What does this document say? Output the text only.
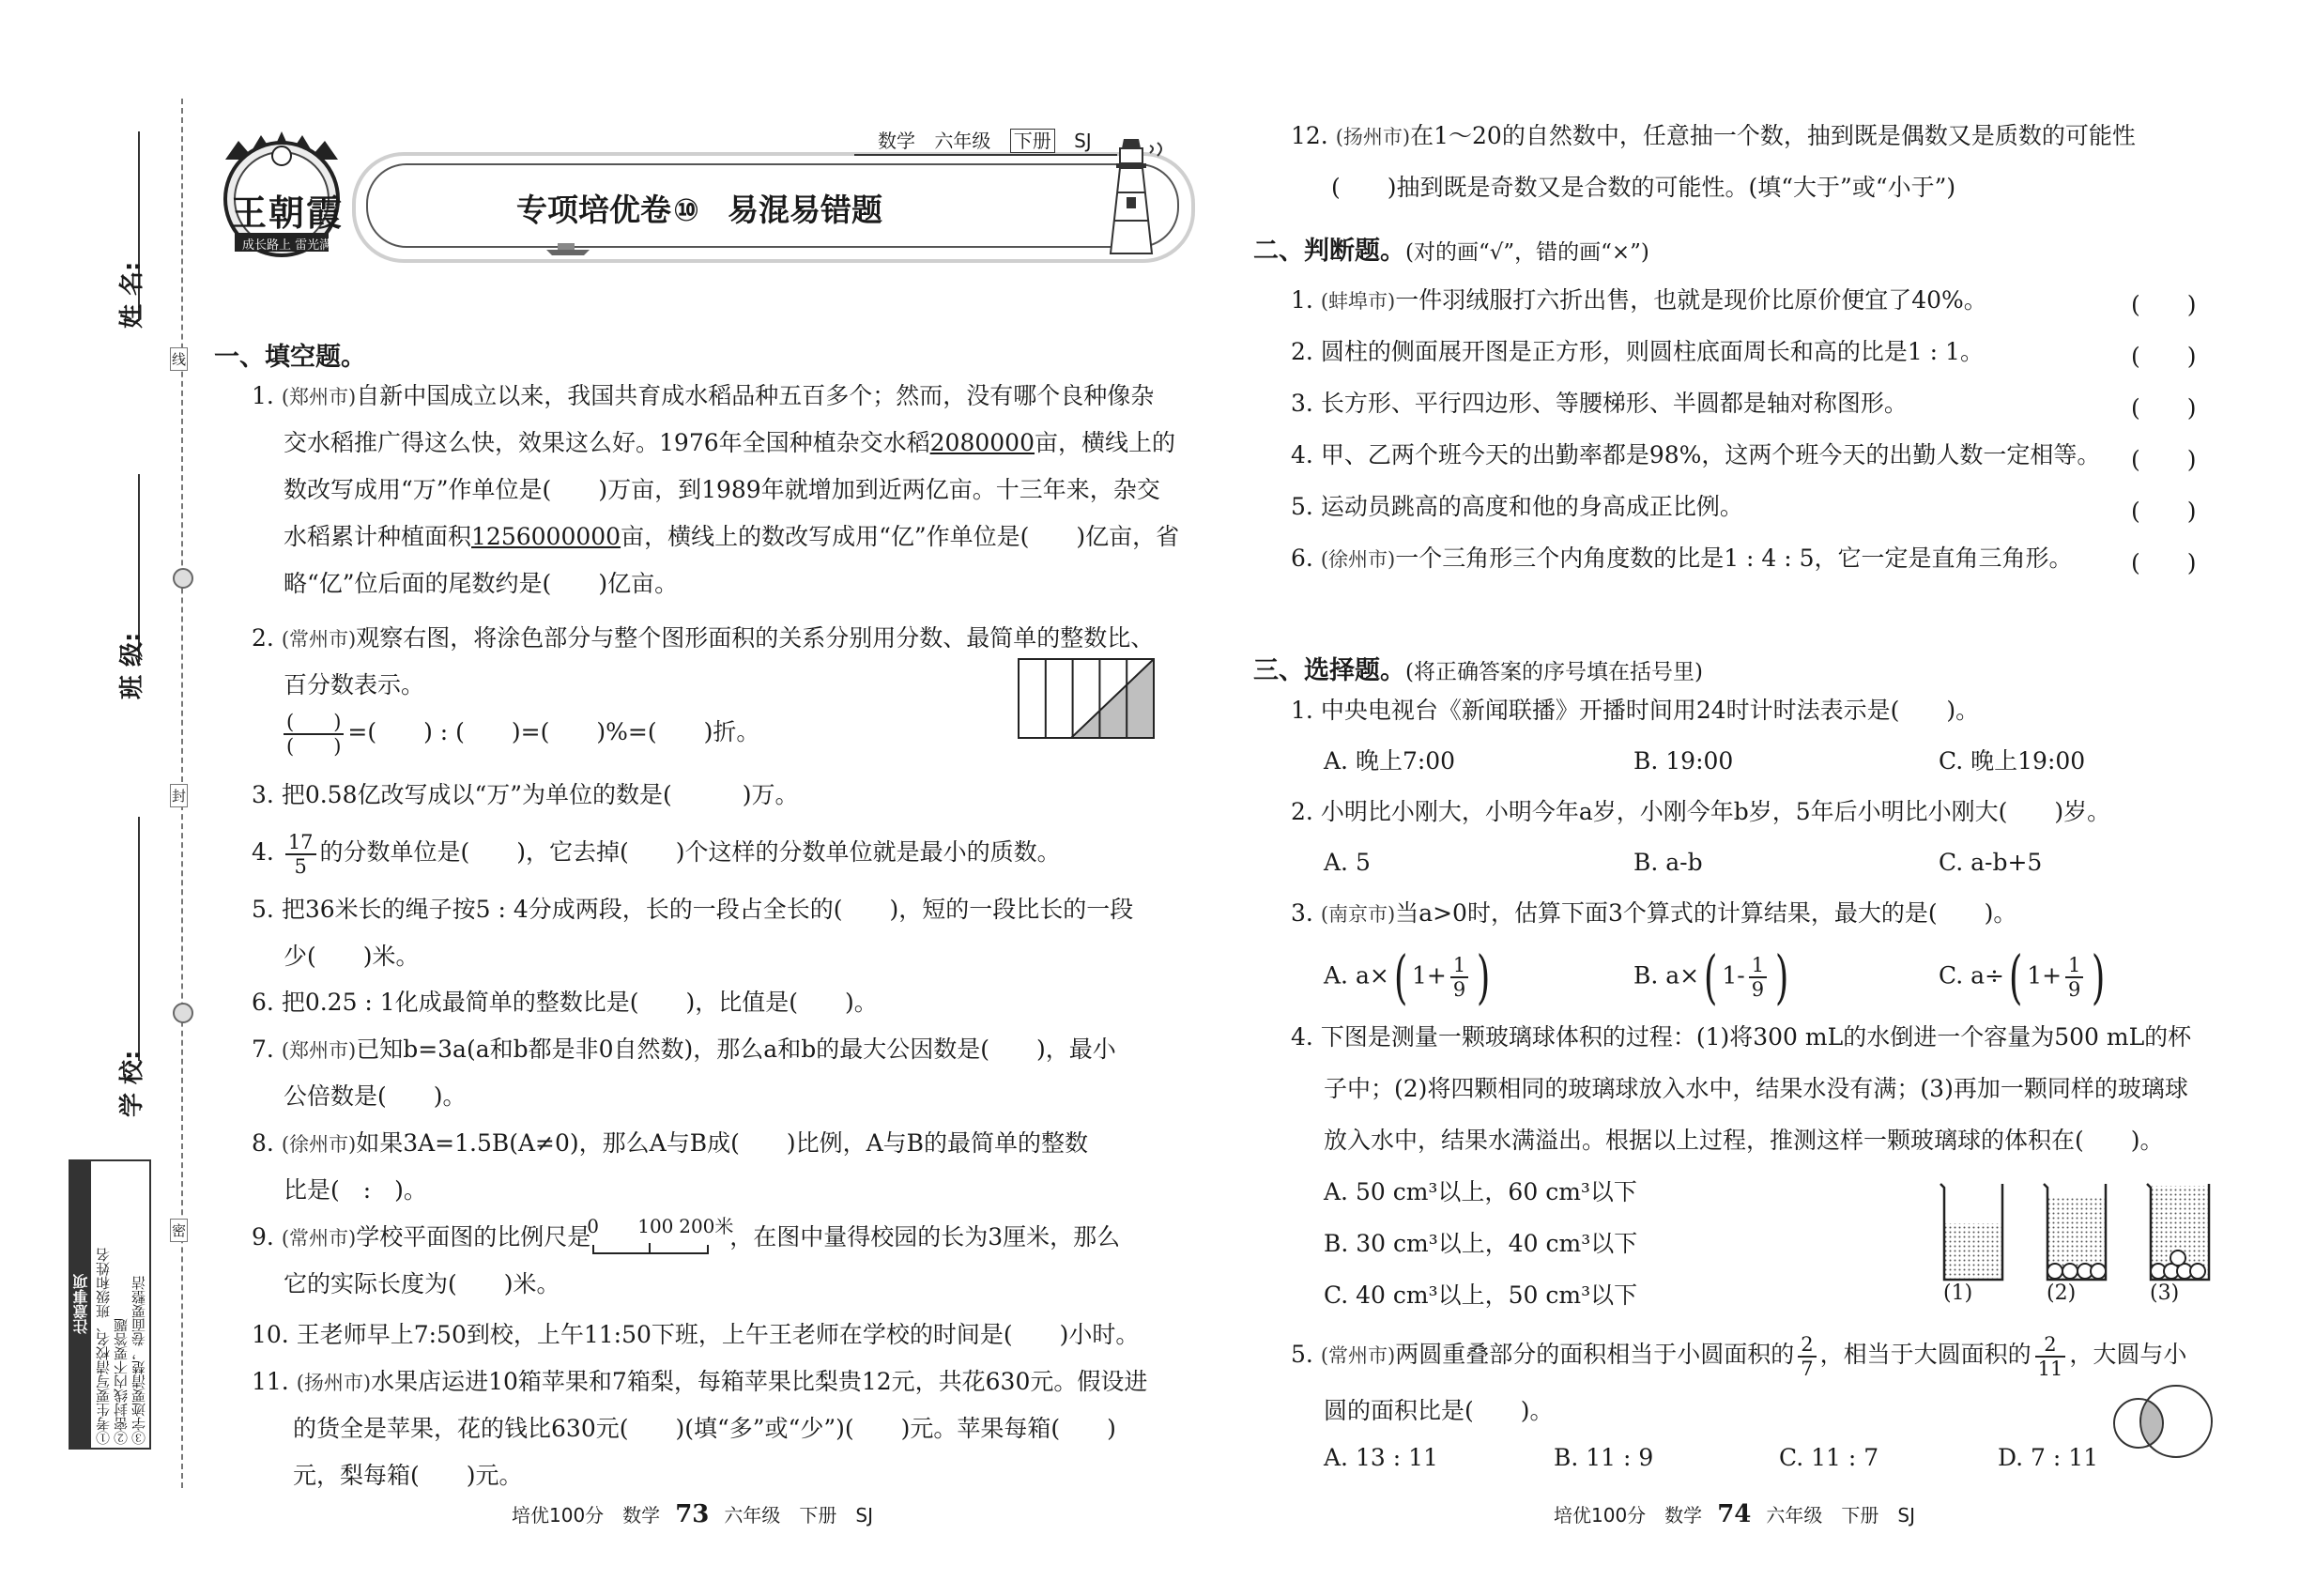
线
封
密
姓 名:
班 级:
学 校:
注意事项 ①考生要写清校名、班级和姓名 ②密封线内不要答题 ③字迹要清楚，卷面要整洁
王朝霞
成长路上 雷光满天
数学 六年级 下册 SJ
专项培优卷⑩ 易混易错题
一、填空题。
1. (郑州市)自新中国成立以来，我国共育成水稻品种五百多个；然而，没有哪个良种像杂
交水稻推广得这么快，效果这么好。1976年全国种植杂交水稻2080000亩，横线上的
数改写成用“万”作单位是(　　)万亩，到1989年就增加到近两亿亩。十三年来，杂交
水稻累计种植面积1256000000亩，横线上的数改写成用“亿”作单位是(　　)亿亩，省
略“亿”位后面的尾数约是(　　)亿亩。
2. (常州市)观察右图，将涂色部分与整个图形面积的关系分别用分数、最简单的整数比、
百分数表示。
$\frac{( )}{( )}$ =(　　) : (　　)=(　　)%=(　　)折。
3. 把0.58亿改写成以“万”为单位的数是(　　　)万。
4. $\frac{17}{5}$ 的分数单位是(　　)，它去掉(　　)个这样的分数单位就是最小的质数。
5. 把36米长的绳子按5 : 4分成两段，长的一段占全长的(　　)，短的一段比长的一段
少(　　)米。
6. 把0.25 : 1化成最简单的整数比是(　　)，比值是(　　)。
7. (郑州市)已知b=3a(a和b都是非0自然数)，那么a和b的最大公因数是(　　)，最小
公倍数是(　　)。
8. (徐州市)如果3A=1.5B(A≠0)，那么A与B成(　　)比例，A与B的最简单的整数
比是(　:　)。
9. (常州市)学校平面图的比例尺是
0 100 200米
，在图中量得校园的长为3厘米，那么
它的实际长度为(　　)米。
10. 王老师早上7:50到校，上午11:50下班，上午王老师在学校的时间是(　　)小时。
11. (扬州市)水果店运进10箱苹果和7箱梨，每箱苹果比梨贵12元，共花630元。假设进
的货全是苹果，花的钱比630元(　　)(填“多”或“少”)(　　)元。苹果每箱(　　)
元，梨每箱(　　)元。
培优100分　数学 73 六年级　下册　SJ
12. (扬州市)在1～20的自然数中，任意抽一个数，抽到既是偶数又是质数的可能性
(　　)抽到既是奇数又是合数的可能性。(填“大于”或“小于”)
二、判断题。(对的画“√”，错的画“×”)
1. (蚌埠市)一件羽绒服打六折出售，也就是现价比原价便宜了40%。	(　　)
2. 圆柱的侧面展开图是正方形，则圆柱底面周长和高的比是1 : 1。	(　　)
3. 长方形、平行四边形、等腰梯形、半圆都是轴对称图形。	(　　)
4. 甲、乙两个班今天的出勤率都是98%，这两个班今天的出勤人数一定相等。 (　　)
5. 运动员跳高的高度和他的身高成正比例。	(　　)
6. (徐州市)一个三角形三个内角度数的比是1 : 4 : 5，它一定是直角三角形。 (　　)
三、选择题。(将正确答案的序号填在括号里)
1. 中央电视台《新闻联播》开播时间用24时计时法表示是(　　)。
A. 晚上7:00	B. 19:00	C. 晚上19:00
2. 小明比小刚大，小明今年a岁，小刚今年b岁，5年后小明比小刚大(　　)岁。
A. 5	B. a-b	C. a-b+5
3. (南京市)当a>0时，估算下面3个算式的计算结果，最大的是(　　)。
A. a×( $1+ \frac{1}{9}$ )	B. a×( $1- \frac{1}{9}$ )	C. a÷( $1+ \frac{1}{9}$ )
4. 下图是测量一颗玻璃球体积的过程：(1)将300 mL的水倒进一个容量为500 mL的杯
子中；(2)将四颗相同的玻璃球放入水中，结果水没有满；(3)再加一颗同样的玻璃球
放入水中，结果水满溢出。根据以上过程，推测这样一颗玻璃球的体积在(　　)。
A. 50 cm³以上，60 cm³以下
B. 30 cm³以上，40 cm³以下
C. 40 cm³以上，50 cm³以下	(1)	(2)	(3)
5. (常州市)两圆重叠部分的面积相当于小圆面积的 $\frac{2}{7}$ ，相当于大圆面积的 $\frac{2}{11}$ ，大圆与小
圆的面积比是(　　)。
A. 13 : 11	B. 11 : 9	C. 11 : 7	D. 7 : 11
培优100分　数学 74 六年级　下册　SJ
